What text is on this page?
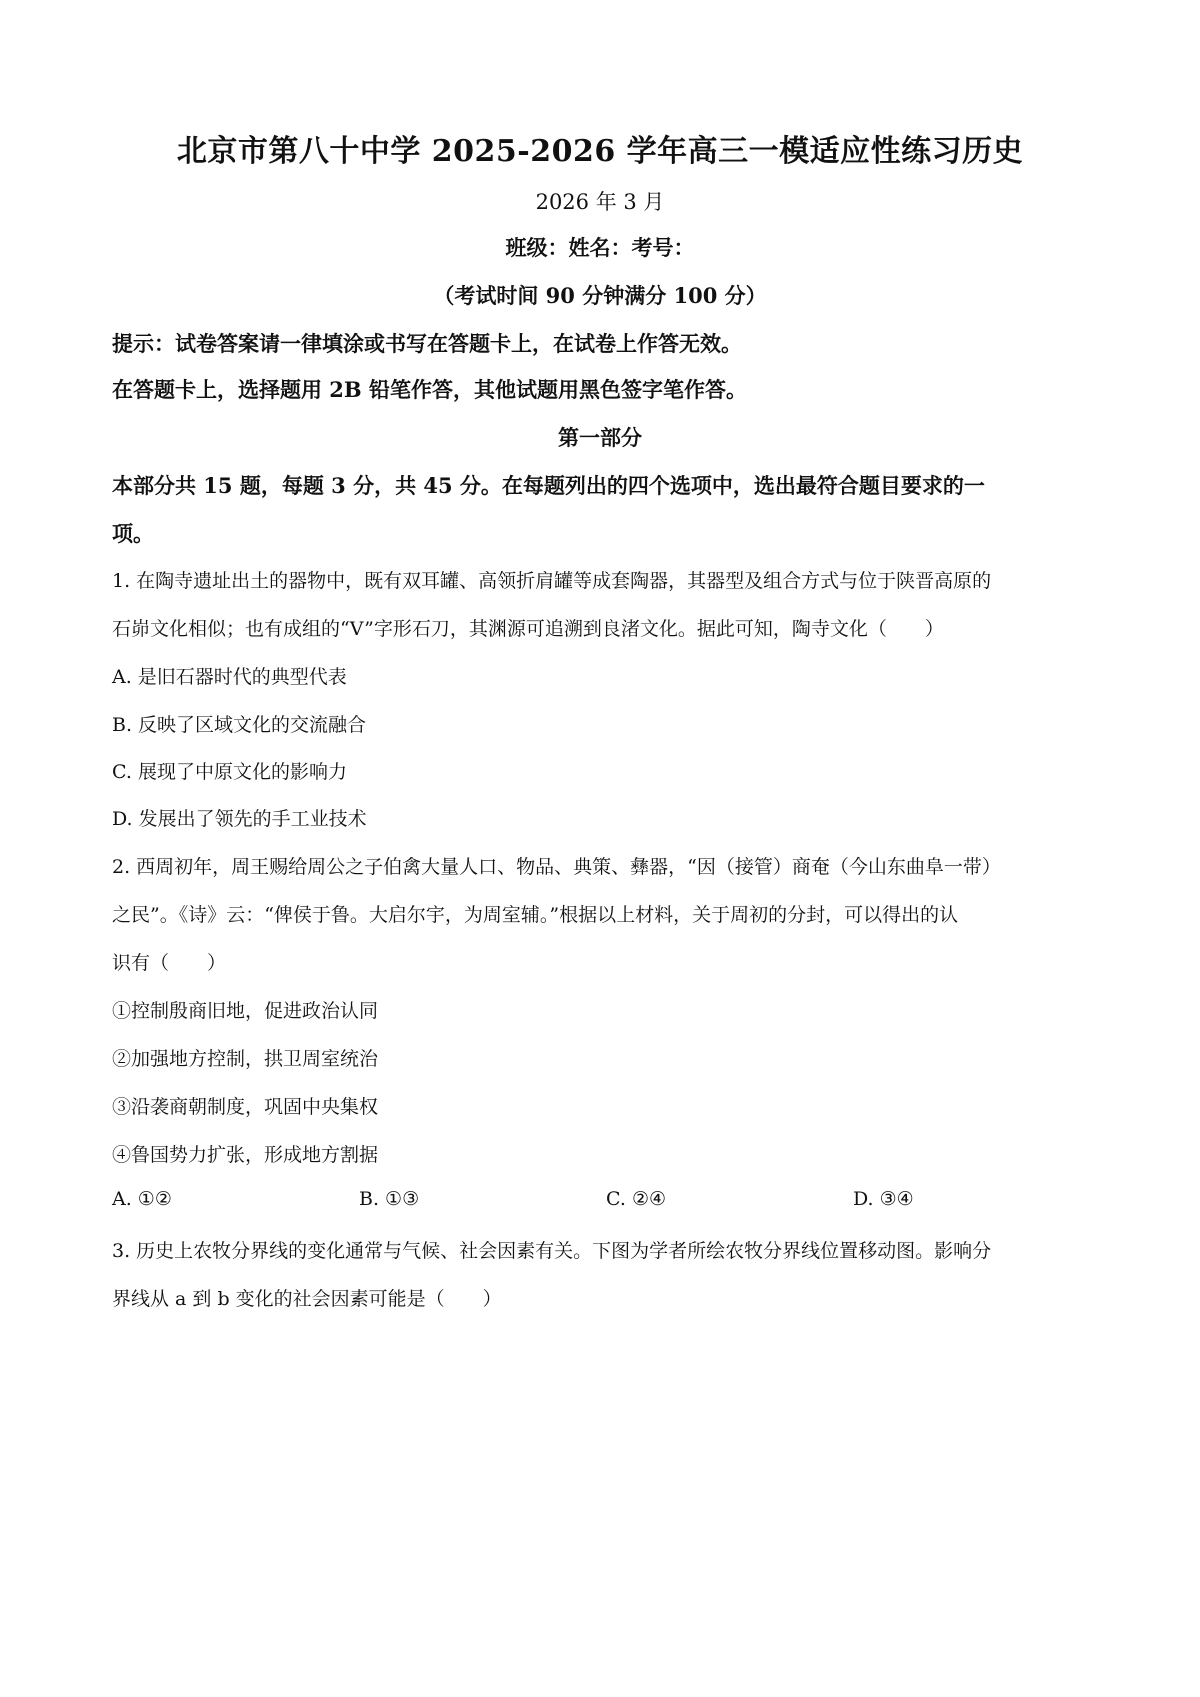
北京市第八十中学 2025-2026 学年高三一模适应性练习历史
2026 年 3 月
班级：姓名：考号：
（考试时间 90 分钟满分 100 分）
提示：试卷答案请一律填涂或书写在答题卡上，在试卷上作答无效。
在答题卡上，选择题用 2B 铅笔作答，其他试题用黑色签字笔作答。
第一部分
本部分共 15 题，每题 3 分，共 45 分。在每题列出的四个选项中，选出最符合题目要求的一
项。
1. 在陶寺遗址出土的器物中，既有双耳罐、高领折肩罐等成套陶器，其器型及组合方式与位于陕晋高原的
石峁文化相似；也有成组的“V”字形石刀，其渊源可追溯到良渚文化。据此可知，陶寺文化（　　）
A. 是旧石器时代的典型代表
B. 反映了区域文化的交流融合
C. 展现了中原文化的影响力
D. 发展出了领先的手工业技术
2. 西周初年，周王赐给周公之子伯禽大量人口、物品、典策、彝器，“因（接管）商奄（今山东曲阜一带）
之民”。《诗》云：“俾侯于鲁。大启尔宇，为周室辅。”根据以上材料，关于周初的分封，可以得出的认
识有（　　）
①控制殷商旧地，促进政治认同
②加强地方控制，拱卫周室统治
③沿袭商朝制度，巩固中央集权
④鲁国势力扩张，形成地方割据
A. ①②	B. ①③	C. ②④	D. ③④
3. 历史上农牧分界线的变化通常与气候、社会因素有关。下图为学者所绘农牧分界线位置移动图。影响分
界线从 a 到 b 变化的社会因素可能是（　　）
